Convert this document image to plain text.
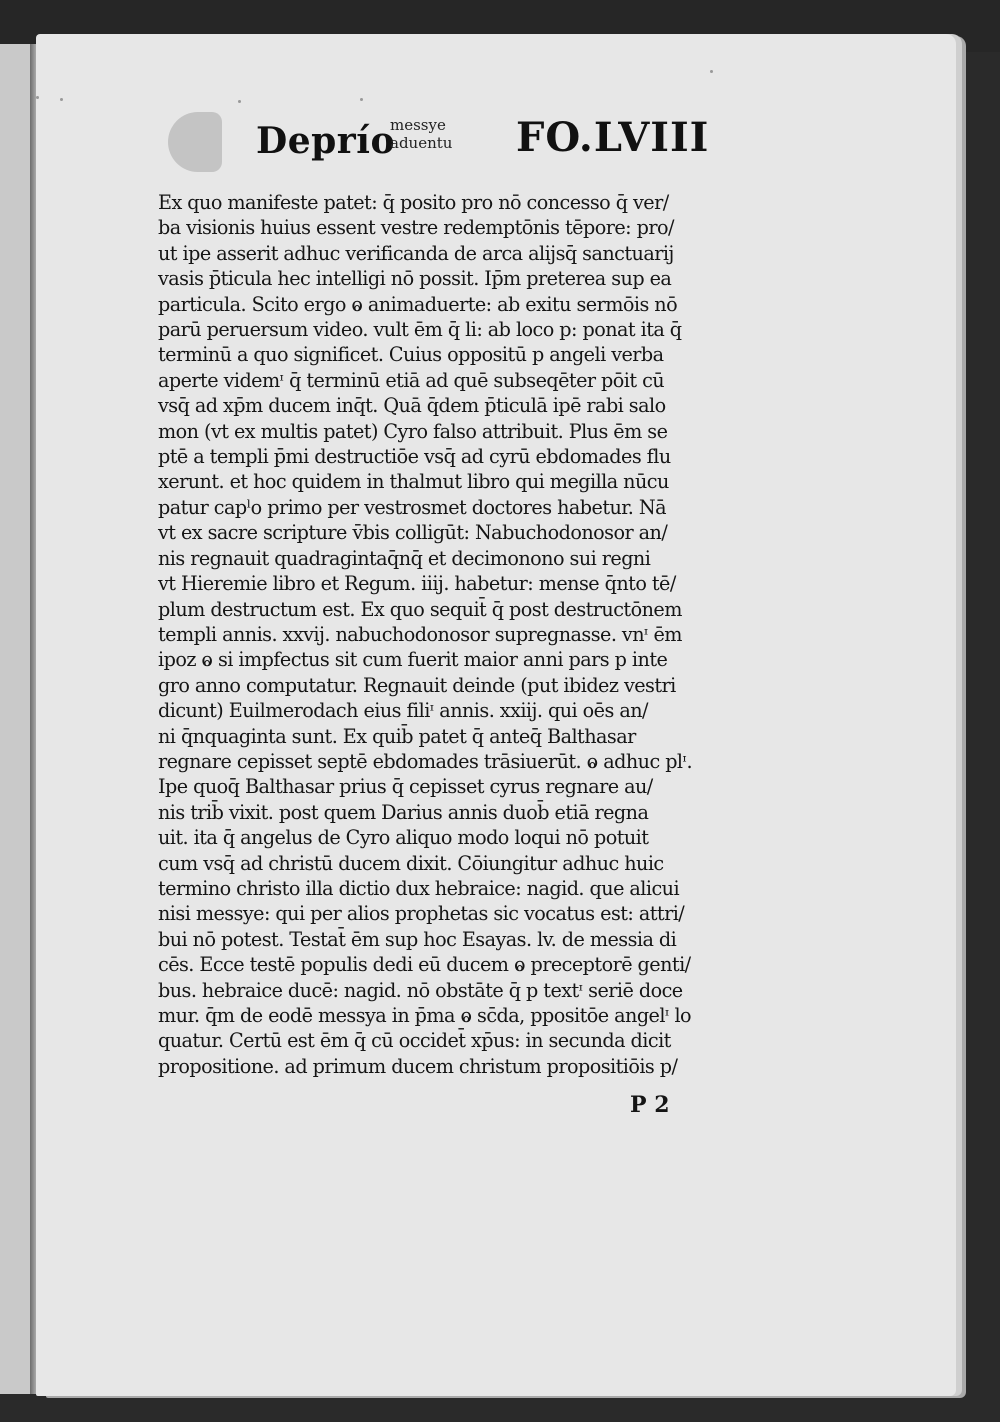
Deprío
messye
aduentu FO.LVIII
Ex quo manifeste patet: q̄ posito pro nō concesso q̄ ver/
ba visionis huius essent vestre redemptōnis tēpore: pro/
ut ipe asserit adhuc verificanda de arca alijsq̄ sanctuarij
vasis p̄ticula hec intelligi nō possit. Ip̄m preterea sup ea
particula. Scito ergo ⱺ animaduerte: ab exitu sermōis nō
parū peruersum video. vult ēm q̄ li: ab loco p: ponat ita q̄
terminū a quo significet. Cuius oppositū p angeli verba
aperte videmᶦ q̄ terminū etiā ad quē subseqēter pōit cū
vsq̄ ad xp̄m ducem inq̄t. Quā q̄dem p̄ticulā ipē rabi salo
mon (vt ex multis patet) Cyro falso attribuit. Plus ēm se
ptē a templi p̄mi destructiōe vsq̄ ad cyrū ebdomades flu
xerunt. et hoc quidem in thalmut libro qui megilla nūcu
patur capˡo primo per vestrosmet doctores habetur. Nā
vt ex sacre scripture v̄bis colligūt: Nabuchodonosor an/
nis regnauit quadragintaq̄nq̄ et decimonono sui regni
vt Hieremie libro et Regum. iiij. habetur: mense q̄nto tē/
plum destructum est. Ex quo sequit̄ q̄ post destructōnem
templi annis. xxvij. nabuchodonosor supregnasse. vnᶦ ēm
ipoz ⱺ si impfectus sit cum fuerit maior anni pars p inte
gro anno computatur. Regnauit deinde (put ibidez vestri
dicunt) Euilmerodach eius filiᶦ annis. xxiij. qui oēs an/
ni q̄nquaginta sunt. Ex quib̄ patet q̄ anteq̄ Balthasar
regnare cepisset septē ebdomades trāsiuerūt. ⱺ adhuc plᶦ.
Ipe quoq̄ Balthasar prius q̄ cepisset cyrus regnare au/
nis trib̄ vixit. post quem Darius annis duob̄ etiā regna
uit. ita q̄ angelus de Cyro aliquo modo loqui nō potuit
cum vsq̄ ad christū ducem dixit. Cōiungitur adhuc huic
termino christo illa dictio dux hebraice: nagid. que alicui
nisi messye: qui per alios prophetas sic vocatus est: attri/
bui nō potest. Testat̄ ēm sup hoc Esayas. lv. de messia di
cēs. Ecce testē populis dedi eū ducem ⱺ preceptorē genti/
bus. hebraice ducē: nagid. nō obstāte q̄ p textᶦ seriē doce
mur. q̄m de eodē messya in p̄ma ⱺ sc̄da, ppositōe angelᶦ lo
quatur. Certū est ēm q̄ cū occidet̄ xp̄us: in secunda dicit
propositione. ad primum ducem christum propositiōis p/
P 2
